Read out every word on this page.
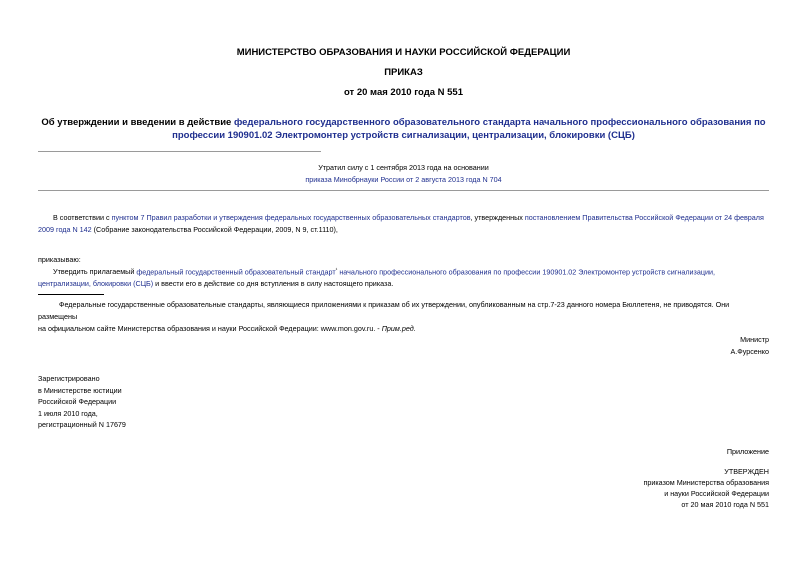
МИНИСТЕРСТВО ОБРАЗОВАНИЯ И НАУКИ РОССИЙСКОЙ ФЕДЕРАЦИИ
ПРИКАЗ
от 20 мая 2010 года N 551
Об утверждении и введении в действие федерального государственного образовательного стандарта начального профессионального образования по
профессии 190901.02 Электромонтер устройств сигнализации, централизации, блокировки (СЦБ)
Утратил силу с 1 сентября 2013 года на основании
приказа Минобрнауки России от 2 августа 2013 года N 704
В соответствии с пунктом 7 Правил разработки и утверждения федеральных государственных образовательных стандартов, утвержденных постановлением Правительства Российской Федерации от 24 февраля
2009 года N 142 (Собрание законодательства Российской Федерации, 2009, N 9, ст.1110),
приказываю:
Утвердить прилагаемый федеральный государственный образовательный стандарт$^{^1}$ начального профессионального образования по профессии 190901.02 Электромонтер устройств сигнализации,
централизации, блокировки (СЦБ) и ввести его в действие со дня вступления в силу настоящего приказа.
Федеральные государственные образовательные стандарты, являющиеся приложениями к приказам об их утверждении, опубликованным на стр.7-23 данного номера Бюллетеня, не приводятся. Они размещены
на официальном сайте Министерства образования и науки Российской Федерации: www.mon.gov.ru. - Прим.ред.
Министр
А.Фурсенко
Зарегистрировано
в Министерстве юстиции
Российской Федерации
1 июля 2010 года,
регистрационный N 17679
Приложение
УТВЕРЖДЕН
приказом Министерства образования
и науки Российской Федерации
от 20 мая 2010 года N 551
